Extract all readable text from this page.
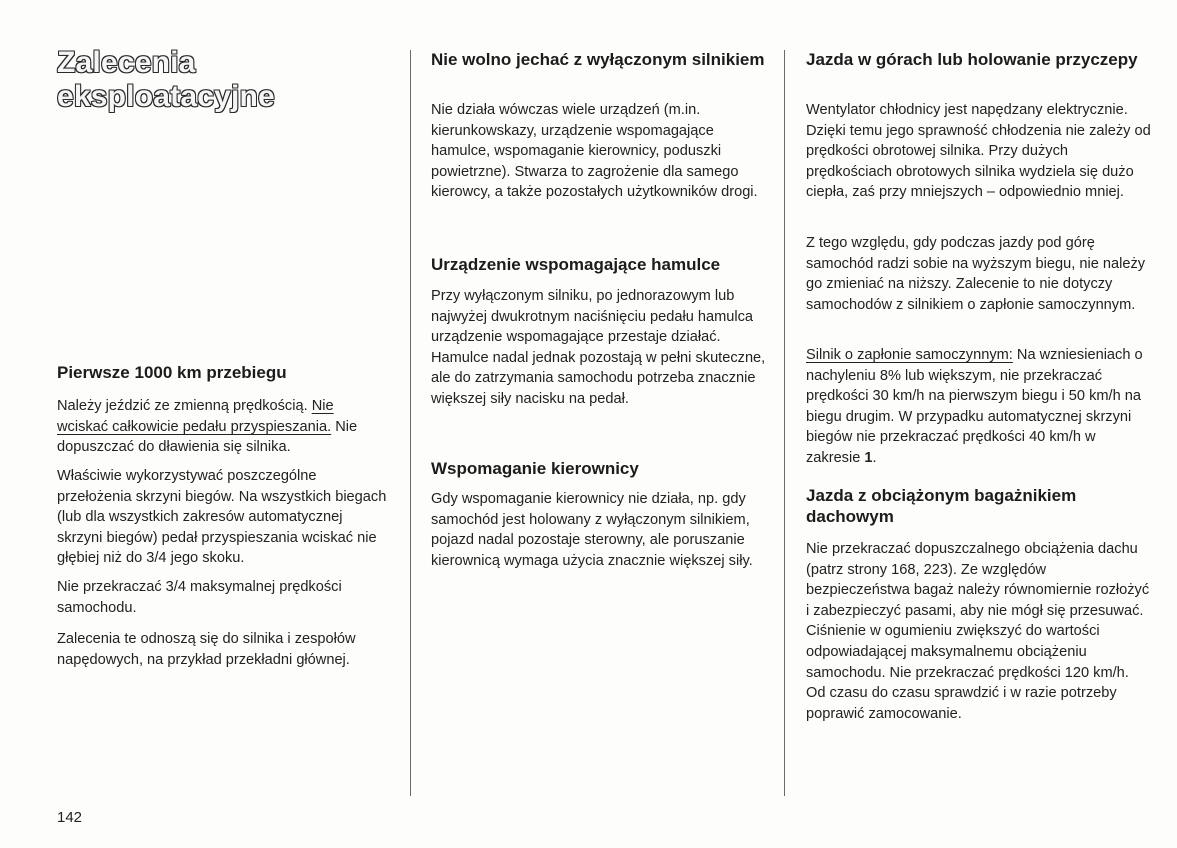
Zalecenia eksploatacyjne
Pierwsze 1000 km przebiegu

Należy jeździć ze zmienną prędkością. Nie wciskać całkowicie pedału przyspieszania. Nie dopuszczać do dławienia się silnika.

Właściwie wykorzystywać poszczególne przełożenia skrzyni biegów. Na wszystkich biegach (lub dla wszystkich zakresów automatycznej skrzyni biegów) pedał przyspieszania wciskać nie głębiej niż do 3/4 jego skoku.

Nie przekraczać 3/4 maksymalnej prędkości samochodu.

Zalecenia te odnoszą się do silnika i zespołów napędowych, na przykład przekładni głównej.

Nie wolno jechać z wyłączonym silnikiem

Nie działa wówczas wiele urządzeń (m.in. kierunkowskazy, urządzenie wspomagające hamulce, wspomaganie kierownicy, poduszki powietrzne). Stwarza to zagrożenie dla samego kierowcy, a także pozostałych użytkowników drogi.

Urządzenie wspomagające hamulce

Przy wyłączonym silniku, po jednorazowym lub najwyżej dwukrotnym naciśnięciu pedału hamulca urządzenie wspomagające przestaje działać. Hamulce nadal jednak pozostają w pełni skuteczne, ale do zatrzymania samochodu potrzeba znacznie większej siły nacisku na pedał.

Wspomaganie kierownicy

Gdy wspomaganie kierownicy nie działa, np. gdy samochód jest holowany z wyłączonym silnikiem, pojazd nadal pozostaje sterowny, ale poruszanie kierownicą wymaga użycia znacznie większej siły.

Jazda w górach lub holowanie przyczepy

Wentylator chłodnicy jest napędzany elektrycznie. Dzięki temu jego sprawność chłodzenia nie zależy od prędkości obrotowej silnika. Przy dużych prędkościach obrotowych silnika wydziela się dużo ciepła, zaś przy mniejszych – odpowiednio mniej.

Z tego względu, gdy podczas jazdy pod górę samochód radzi sobie na wyższym biegu, nie należy go zmieniać na niższy. Zalecenie to nie dotyczy samochodów z silnikiem o zapłonie samoczynnym.

Silnik o zapłonie samoczynnym: Na wzniesieniach o nachyleniu 8% lub większym, nie przekraczać prędkości 30 km/h na pierwszym biegu i 50 km/h na biegu drugim. W przypadku automatycznej skrzyni biegów nie przekraczać prędkości 40 km/h w zakresie 1.

Jazda z obciążonym bagażnikiem dachowym

Nie przekraczać dopuszczalnego obciążenia dachu (patrz strony 168, 223). Ze względów bezpieczeństwa bagaż należy równomiernie rozłożyć i zabezpieczyć pasami, aby nie mógł się przesuwać. Ciśnienie w ogumieniu zwiększyć do wartości odpowiadającej maksymalnemu obciążeniu samochodu. Nie przekraczać prędkości 120 km/h. Od czasu do czasu sprawdzić i w razie potrzeby poprawić zamocowanie.

142
